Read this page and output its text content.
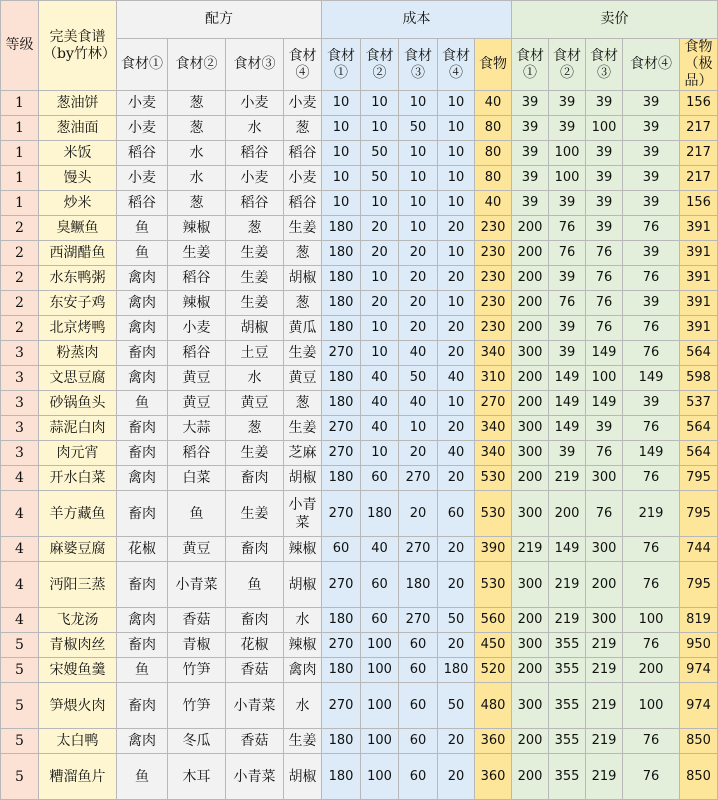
等级	完美食谱（by竹林）	配方				成本					卖价				
		食材①	食材②	食材③	食材④	食材①	食材②	食材③	食材④	食物	食材①	食材②	食材③	食材④	食物（极品）
1	葱油饼	小麦	葱	小麦	小麦	10	10	10	10	40	39	39	39	39	156
1	葱油面	小麦	葱	水	葱	10	10	50	10	80	39	39	100	39	217
1	米饭	稻谷	水	稻谷	稻谷	10	50	10	10	80	39	100	39	39	217
1	馒头	小麦	水	小麦	小麦	10	50	10	10	80	39	100	39	39	217
1	炒米	稻谷	葱	稻谷	稻谷	10	10	10	10	40	39	39	39	39	156
2	臭鳜鱼	鱼	辣椒	葱	生姜	180	20	10	20	230	200	76	39	76	391
2	西湖醋鱼	鱼	生姜	生姜	葱	180	20	20	10	230	200	76	76	39	391
2	水东鸭粥	禽肉	稻谷	生姜	胡椒	180	10	20	20	230	200	39	76	76	391
2	东安子鸡	禽肉	辣椒	生姜	葱	180	20	20	10	230	200	76	76	39	391
2	北京烤鸭	禽肉	小麦	胡椒	黄瓜	180	10	20	20	230	200	39	76	76	391
3	粉蒸肉	畜肉	稻谷	土豆	生姜	270	10	40	20	340	300	39	149	76	564
3	文思豆腐	禽肉	黄豆	水	黄豆	180	40	50	40	310	200	149	100	149	598
3	砂锅鱼头	鱼	黄豆	黄豆	葱	180	40	40	10	270	200	149	149	39	537
3	蒜泥白肉	畜肉	大蒜	葱	生姜	270	40	10	20	340	300	149	39	76	564
3	肉元宵	畜肉	稻谷	生姜	芝麻	270	10	20	40	340	300	39	76	149	564
4	开水白菜	禽肉	白菜	畜肉	胡椒	180	60	270	20	530	200	219	300	76	795
4	羊方藏鱼	畜肉	鱼	生姜	小青菜	270	180	20	60	530	300	200	76	219	795
4	麻婆豆腐	花椒	黄豆	畜肉	辣椒	60	40	270	20	390	219	149	300	76	744
4	沔阳三蒸	畜肉	小青菜	鱼	胡椒	270	60	180	20	530	300	219	200	76	795
4	飞龙汤	禽肉	香菇	畜肉	水	180	60	270	50	560	200	219	300	100	819
5	青椒肉丝	畜肉	青椒	花椒	辣椒	270	100	60	20	450	300	355	219	76	950
5	宋嫂鱼羹	鱼	竹笋	香菇	禽肉	180	100	60	180	520	200	355	219	200	974
5	笋煨火肉	畜肉	竹笋	小青菜	水	270	100	60	50	480	300	355	219	100	974
5	太白鸭	禽肉	冬瓜	香菇	生姜	180	100	60	20	360	200	355	219	76	850
5	糟溜鱼片	鱼	木耳	小青菜	胡椒	180	100	60	20	360	200	355	219	76	850
